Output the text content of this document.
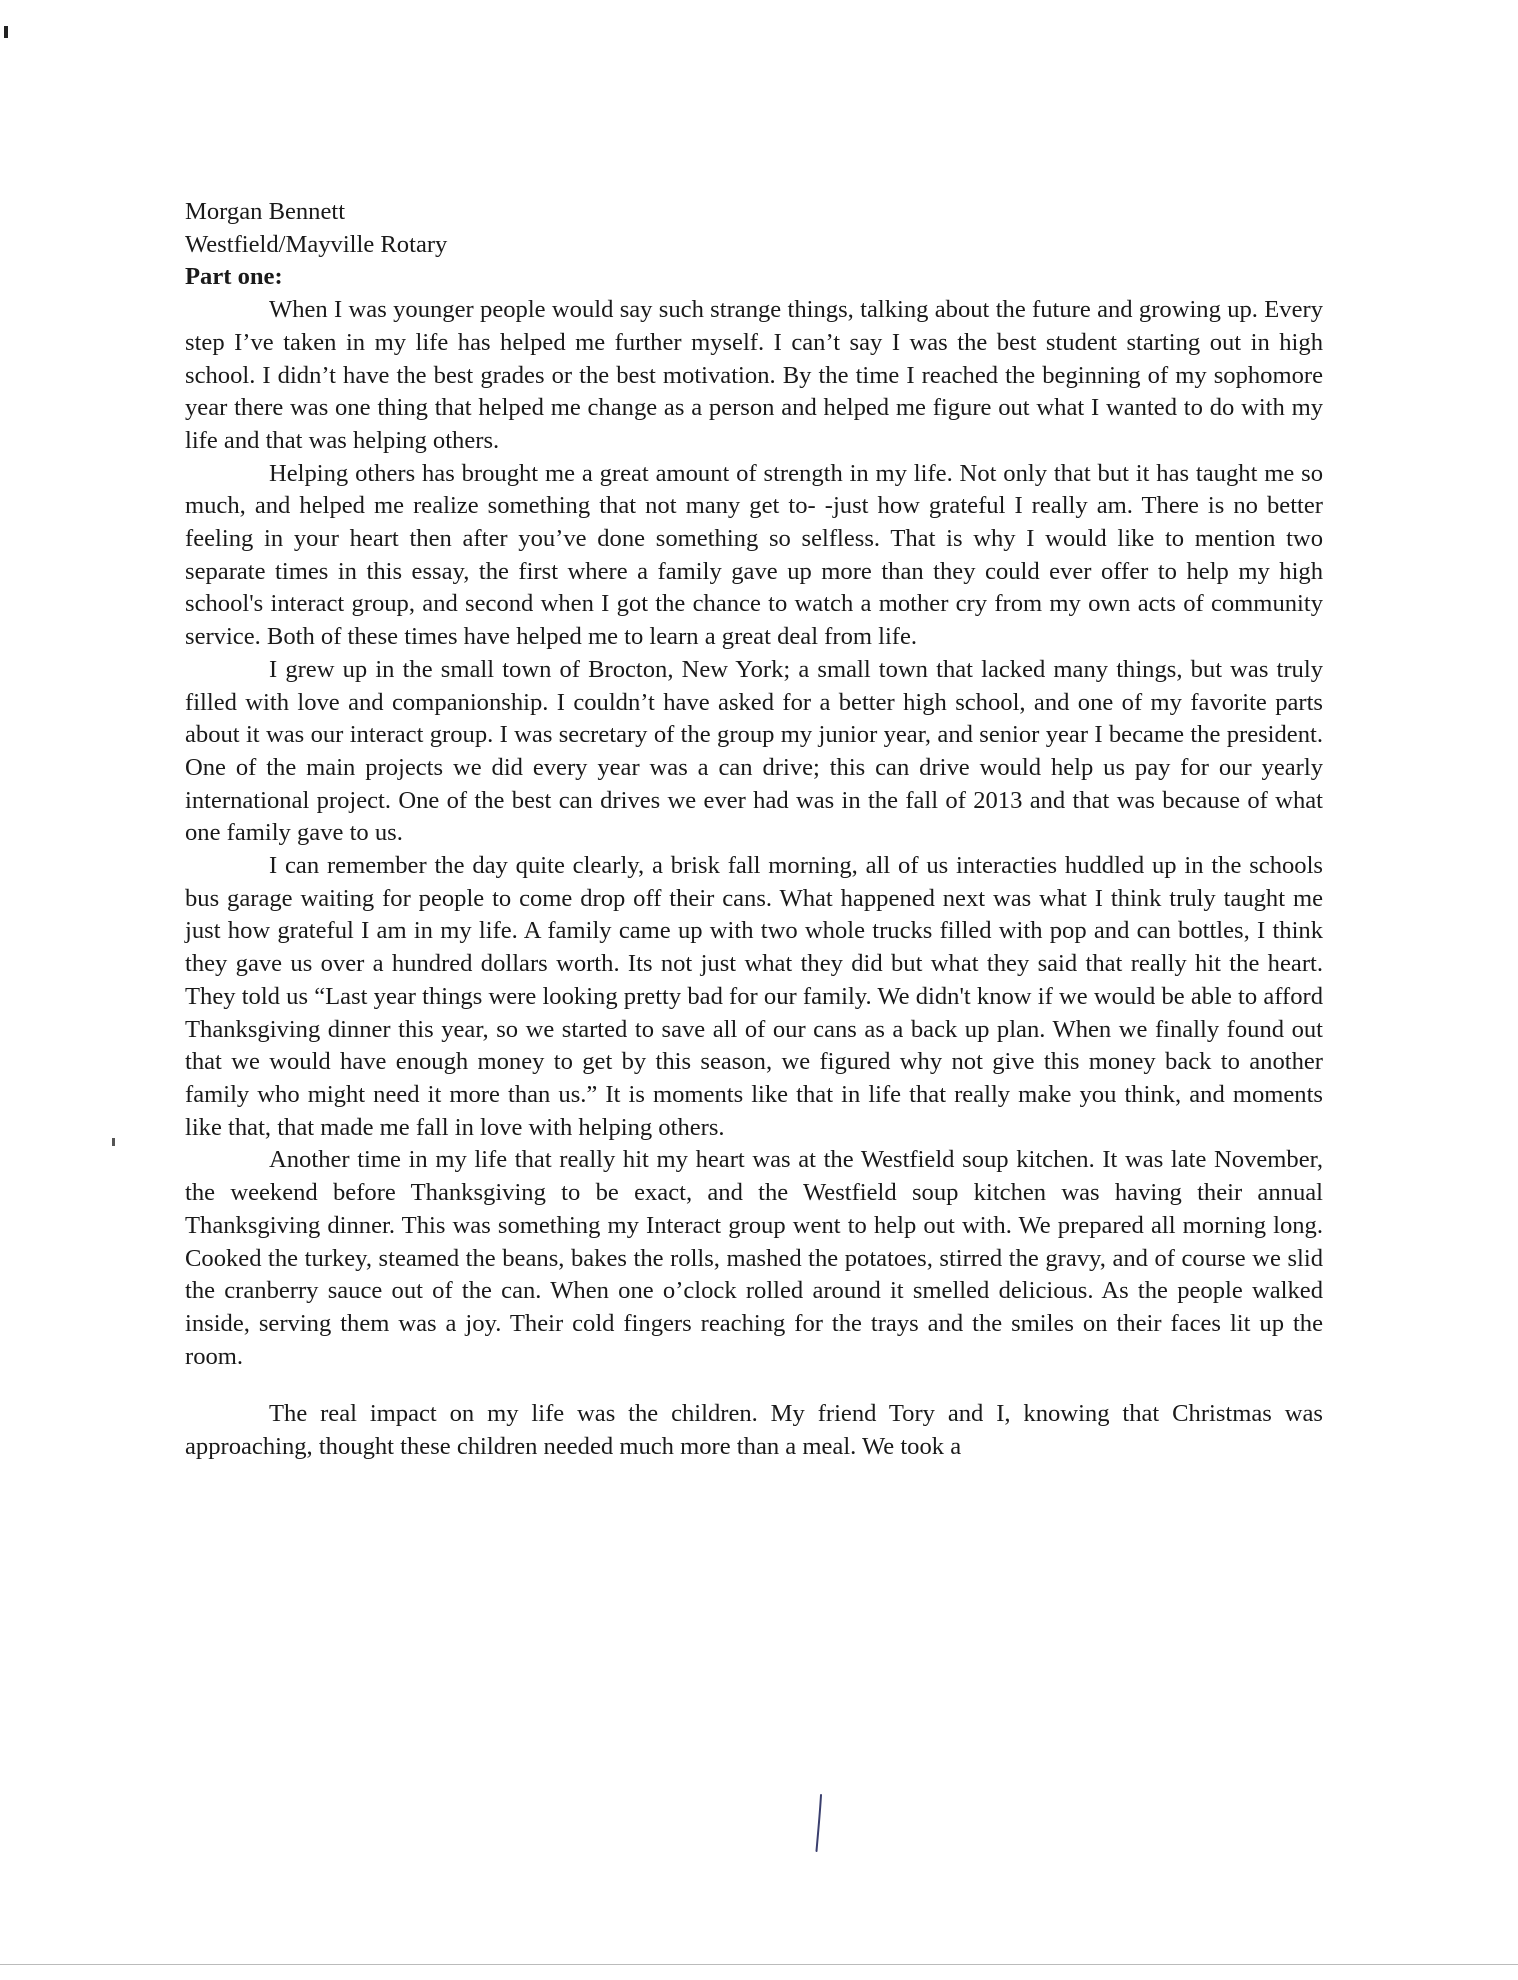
Morgan Bennett

Westfield/Mayville Rotary

Part one:

When I was younger people would say such strange things, talking about the future and growing up. Every step I’ve taken in my life has helped me further myself. I can’t say I was the best student starting out in high school. I didn’t have the best grades or the best motivation. By the time I reached the beginning of my sophomore year there was one thing that helped me change as a person and helped me figure out what I wanted to do with my life and that was helping others.

Helping others has brought me a great amount of strength in my life. Not only that but it has taught me so much, and helped me realize something that not many get to- -just how grateful I really am. There is no better feeling in your heart then after you’ve done something so selfless. That is why I would like to mention two separate times in this essay, the first where a family gave up more than they could ever offer to help my high school's interact group, and second when I got the chance to watch a mother cry from my own acts of community service. Both of these times have helped me to learn a great deal from life.

I grew up in the small town of Brocton, New York; a small town that lacked many things, but was truly filled with love and companionship. I couldn’t have asked for a better high school, and one of my favorite parts about it was our interact group. I was secretary of the group my junior year, and senior year I became the president. One of the main projects we did every year was a can drive; this can drive would help us pay for our yearly international project. One of the best can drives we ever had was in the fall of 2013 and that was because of what one family gave to us.

I can remember the day quite clearly, a brisk fall morning, all of us interacties huddled up in the schools bus garage waiting for people to come drop off their cans. What happened next was what I think truly taught me just how grateful I am in my life. A family came up with two whole trucks filled with pop and can bottles, I think they gave us over a hundred dollars worth. Its not just what they did but what they said that really hit the heart. They told us “Last year things were looking pretty bad for our family. We didn't know if we would be able to afford Thanksgiving dinner this year, so we started to save all of our cans as a back up plan. When we finally found out that we would have enough money to get by this season, we figured why not give this money back to another family who might need it more than us.” It is moments like that in life that really make you think, and moments like that, that made me fall in love with helping others.

Another time in my life that really hit my heart was at the Westfield soup kitchen. It was late November, the weekend before Thanksgiving to be exact, and the Westfield soup kitchen was having their annual Thanksgiving dinner. This was something my Interact group went to help out with. We prepared all morning long. Cooked the turkey, steamed the beans, bakes the rolls, mashed the potatoes, stirred the gravy, and of course we slid the cranberry sauce out of the can. When one o’clock rolled around it smelled delicious. As the people walked inside, serving them was a joy. Their cold fingers reaching for the trays and the smiles on their faces lit up the room.

The real impact on my life was the children. My friend Tory and I, knowing that Christmas was approaching, thought these children needed much more than a meal. We took a
